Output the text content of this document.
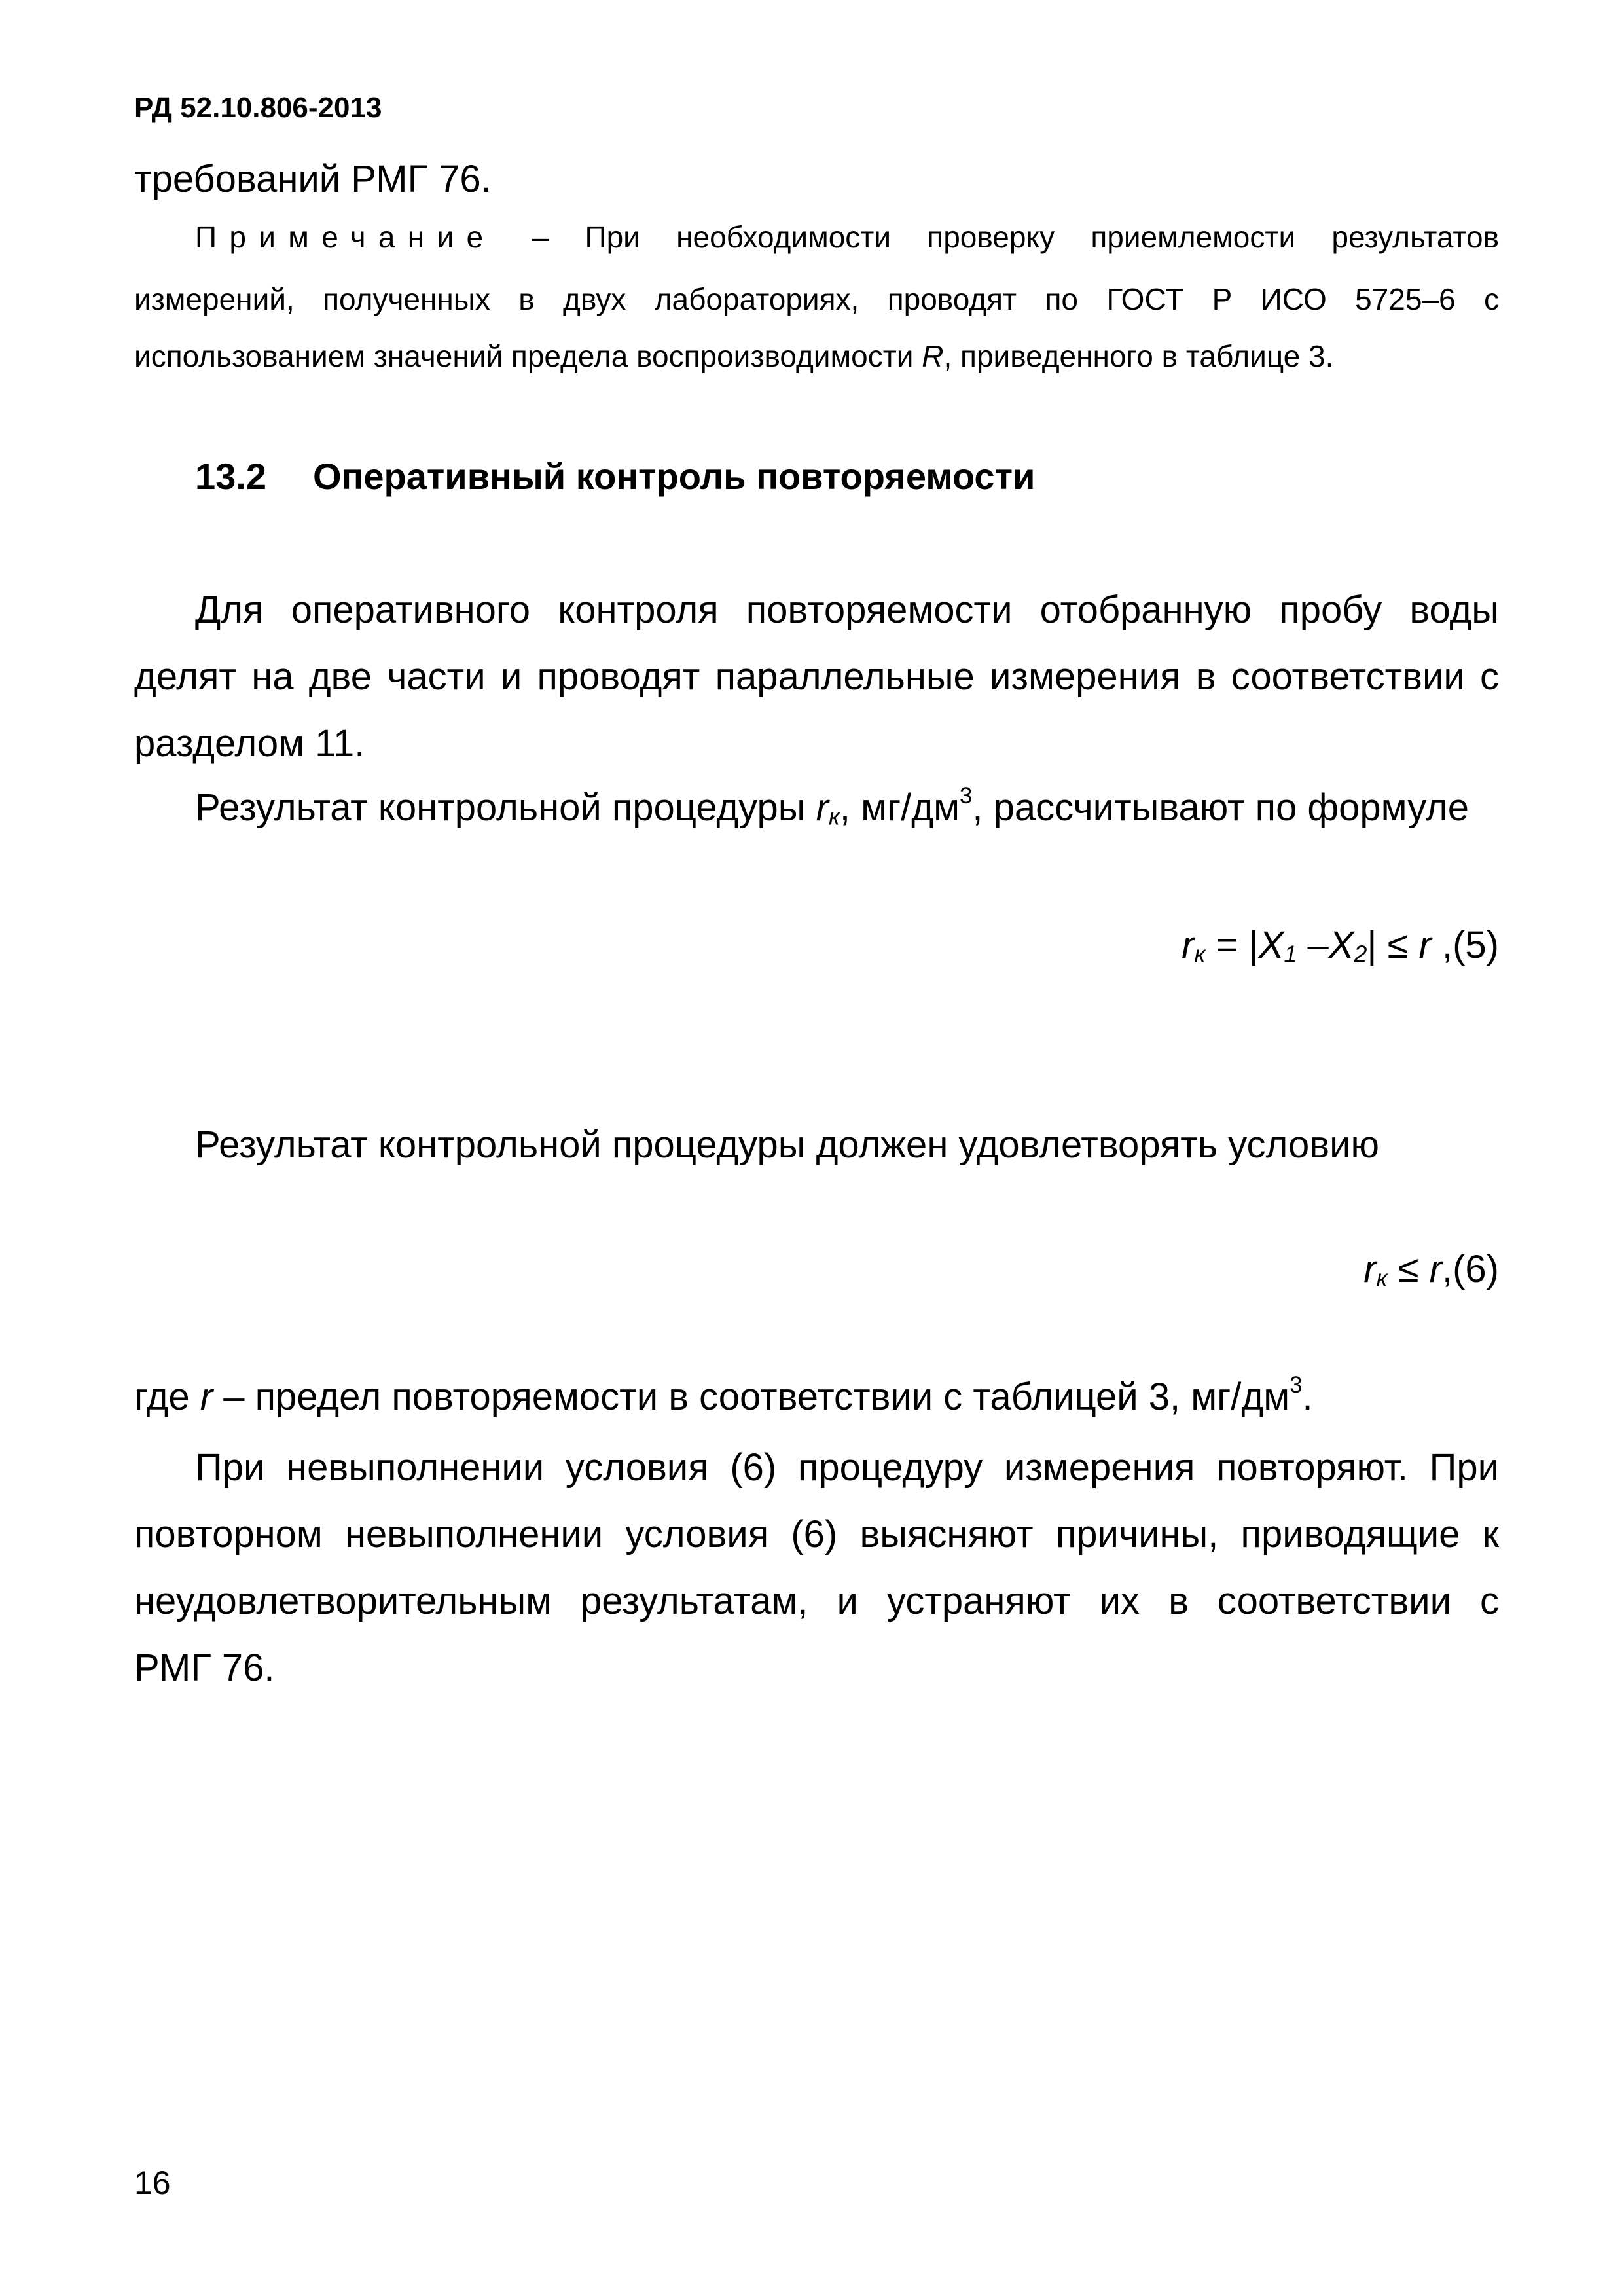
РД 52.10.806-2013
требований РМГ 76.
Примечание – При необходимости проверку приемлемости результатов
измерений, полученных в двух лабораториях, проводят по ГОСТ Р ИСО 5725–6 с
использованием значений предела воспроизводимости R, приведенного в таблице 3.
13.2 Оперативный контроль повторяемости
Для оперативного контроля повторяемости отобранную пробу воды
делят на две части и проводят параллельные измерения в соответствии с
разделом 11.
Результат контрольной процедуры $r_к$, $мг/дм^3$, рассчитывают по формуле
$r_к = |X_1$ $-X_2| \le r$ ,(5)
Результат контрольной процедуры должен удовлетворять условию
$r_к \le r,(6)$
где r – предел повторяемости в соответствии с таблицей 3, $мг/дм^3$.
При невыполнении условия (6) процедуру измерения повторяют. При
повторном невыполнении условия (6) выясняют причины, приводящие к
неудовлетворительным результатам, и устраняют их в соответствии с
РМГ 76.
16
